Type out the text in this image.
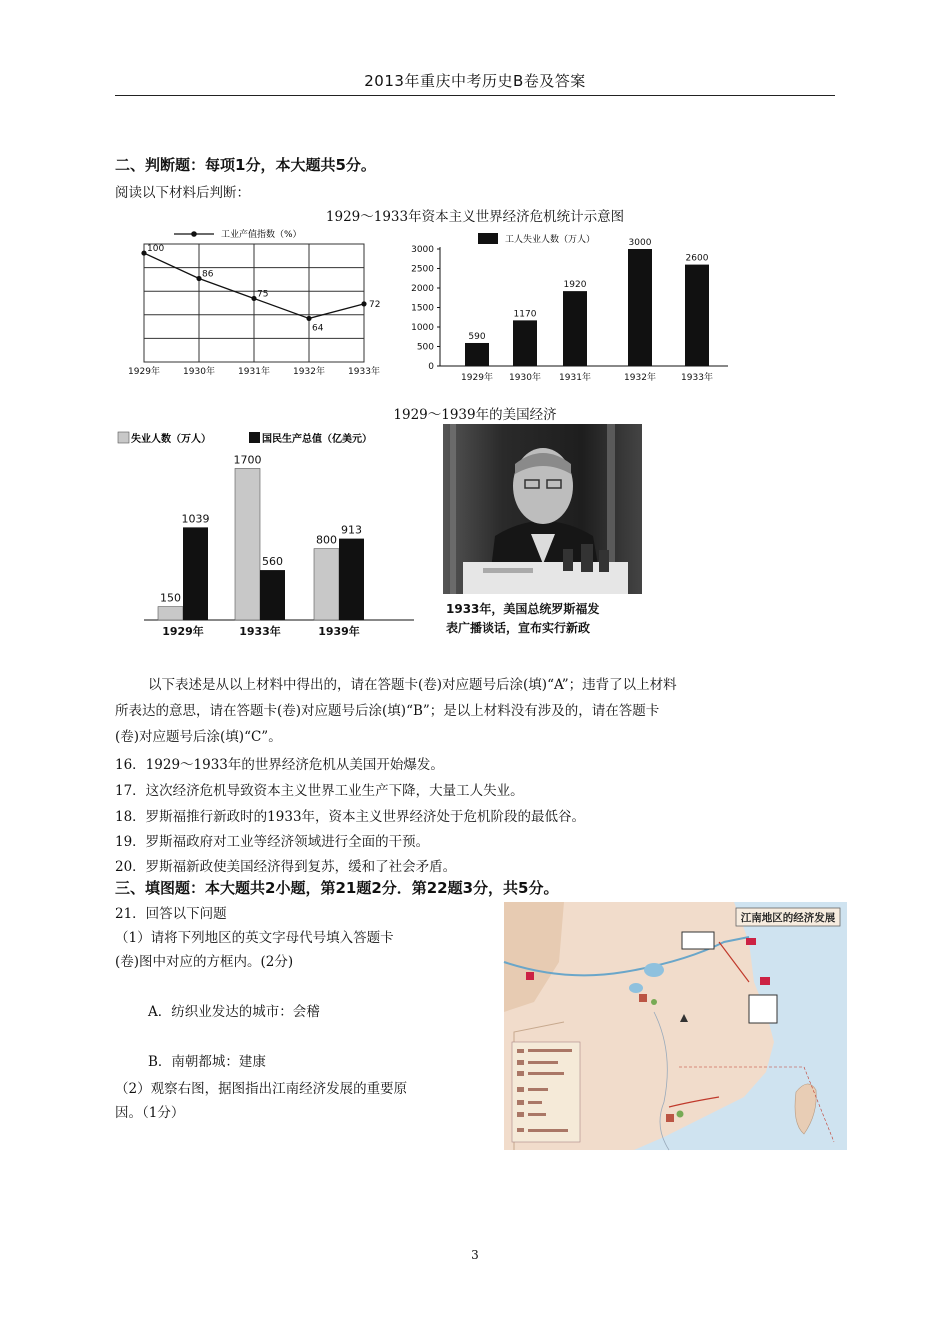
2013年重庆中考历史B卷及答案
二、判断题：每项1分，本大题共5分。
阅读以下材料后判断：
1929～1933年资本主义世界经济危机统计示意图
工业产值指数（%）
100
1929年
86
1930年
75
1931年
64
1932年
72
1933年
工人失业人数（万人）
0
500
1000
1500
2000
2500
3000
590
1929年
1170
1930年
1920
1931年
3000
1932年
2600
1933年
1929～1939年的美国经济
失业人数（万人）	国民生产总值（亿美元）
150
1039
1929年
1700
560
1933年
800
913
1939年
1933年，美国总统罗斯福发
表广播谈话，宣布实行新政
以下表述是从以上材料中得出的，请在答题卡(卷)对应题号后涂(填)“A”；违背了以上材料
所表达的意思，请在答题卡(卷)对应题号后涂(填)“B”；是以上材料没有涉及的，请在答题卡
(卷)对应题号后涂(填)“C”。
16．1929～1933年的世界经济危机从美国开始爆发。
17．这次经济危机导致资本主义世界工业生产下降，大量工人失业。
18．罗斯福推行新政时的1933年，资本主义世界经济处于危机阶段的最低谷。
19．罗斯福政府对工业等经济领域进行全面的干预。
20．罗斯福新政使美国经济得到复苏，缓和了社会矛盾。
三、填图题：本大题共2小题，第21题2分．第22题3分，共5分。
21．回答以下问题
（1）请将下列地区的英文字母代号填入答题卡
(卷)图中对应的方框内。(2分)
A．纺织业发达的城市：会稽
B．南朝都城：建康
（2）观察右图，据图指出江南经济发展的重要原
因。（1分）
江南地区的经济发展
3
